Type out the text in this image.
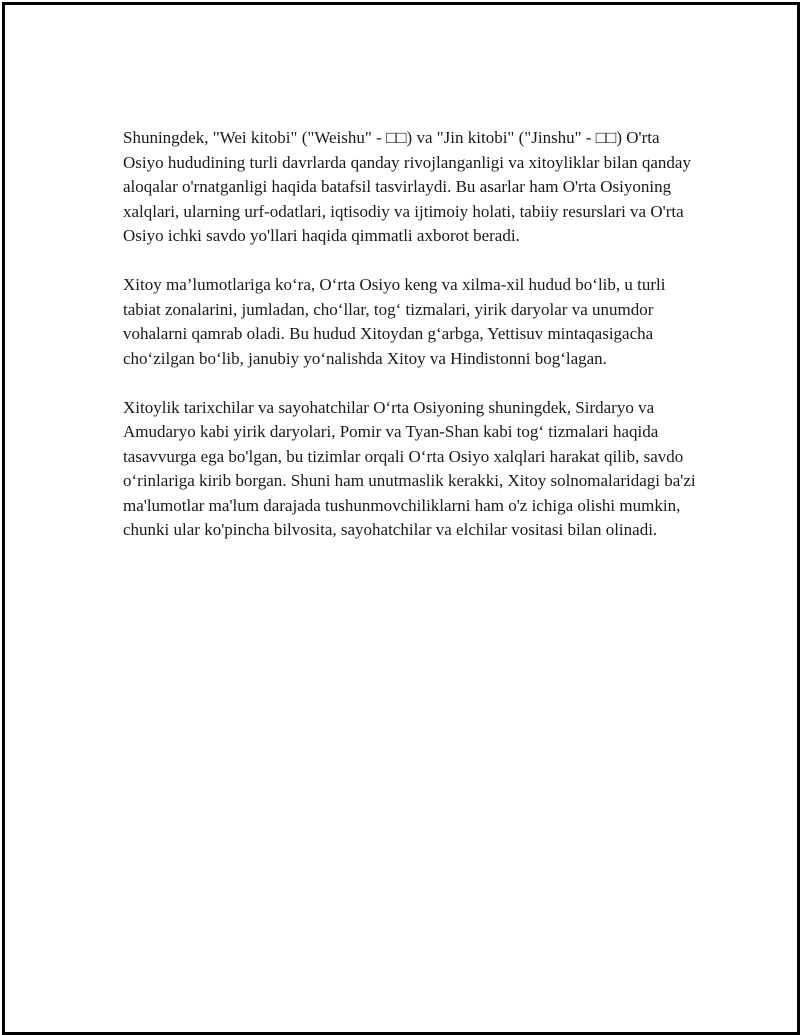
Shuningdek, "Wei kitobi" ("Weishu" - □□) va "Jin kitobi" ("Jinshu" - □□) O'rta Osiyo hududining turli davrlarda qanday rivojlanganligi va xitoyliklar bilan qanday aloqalar o'rnatganligi haqida batafsil tasvirlaydi. Bu asarlar ham O'rta Osiyoning xalqlari, ularning urf-odatlari, iqtisodiy va ijtimoiy holati, tabiiy resurslari va O'rta Osiyo ichki savdo yo'llari haqida qimmatli axborot beradi.

Xitoy ma’lumotlariga ko‘ra, O‘rta Osiyo keng va xilma-xil hudud bo‘lib, u turli tabiat zonalarini, jumladan, cho‘llar, tog‘ tizmalari, yirik daryolar va unumdor vohalarni qamrab oladi. Bu hudud Xitoydan g‘arbga, Yettisuv mintaqasigacha cho‘zilgan bo‘lib, janubiy yo‘nalishda Xitoy va Hindistonni bog‘lagan.

Xitoylik tarixchilar va sayohatchilar O‘rta Osiyoning shuningdek, Sirdaryo va Amudaryo kabi yirik daryolari, Pomir va Tyan-Shan kabi tog‘ tizmalari haqida tasavvurga ega bo'lgan, bu tizimlar orqali O‘rta Osiyo xalqlari harakat qilib, savdo o‘rinlariga kirib borgan. Shuni ham unutmaslik kerakki, Xitoy solnomalaridagi ba'zi ma'lumotlar ma'lum darajada tushunmovchiliklarni ham o'z ichiga olishi mumkin, chunki ular ko'pincha bilvosita, sayohatchilar va elchilar vositasi bilan olinadi.
